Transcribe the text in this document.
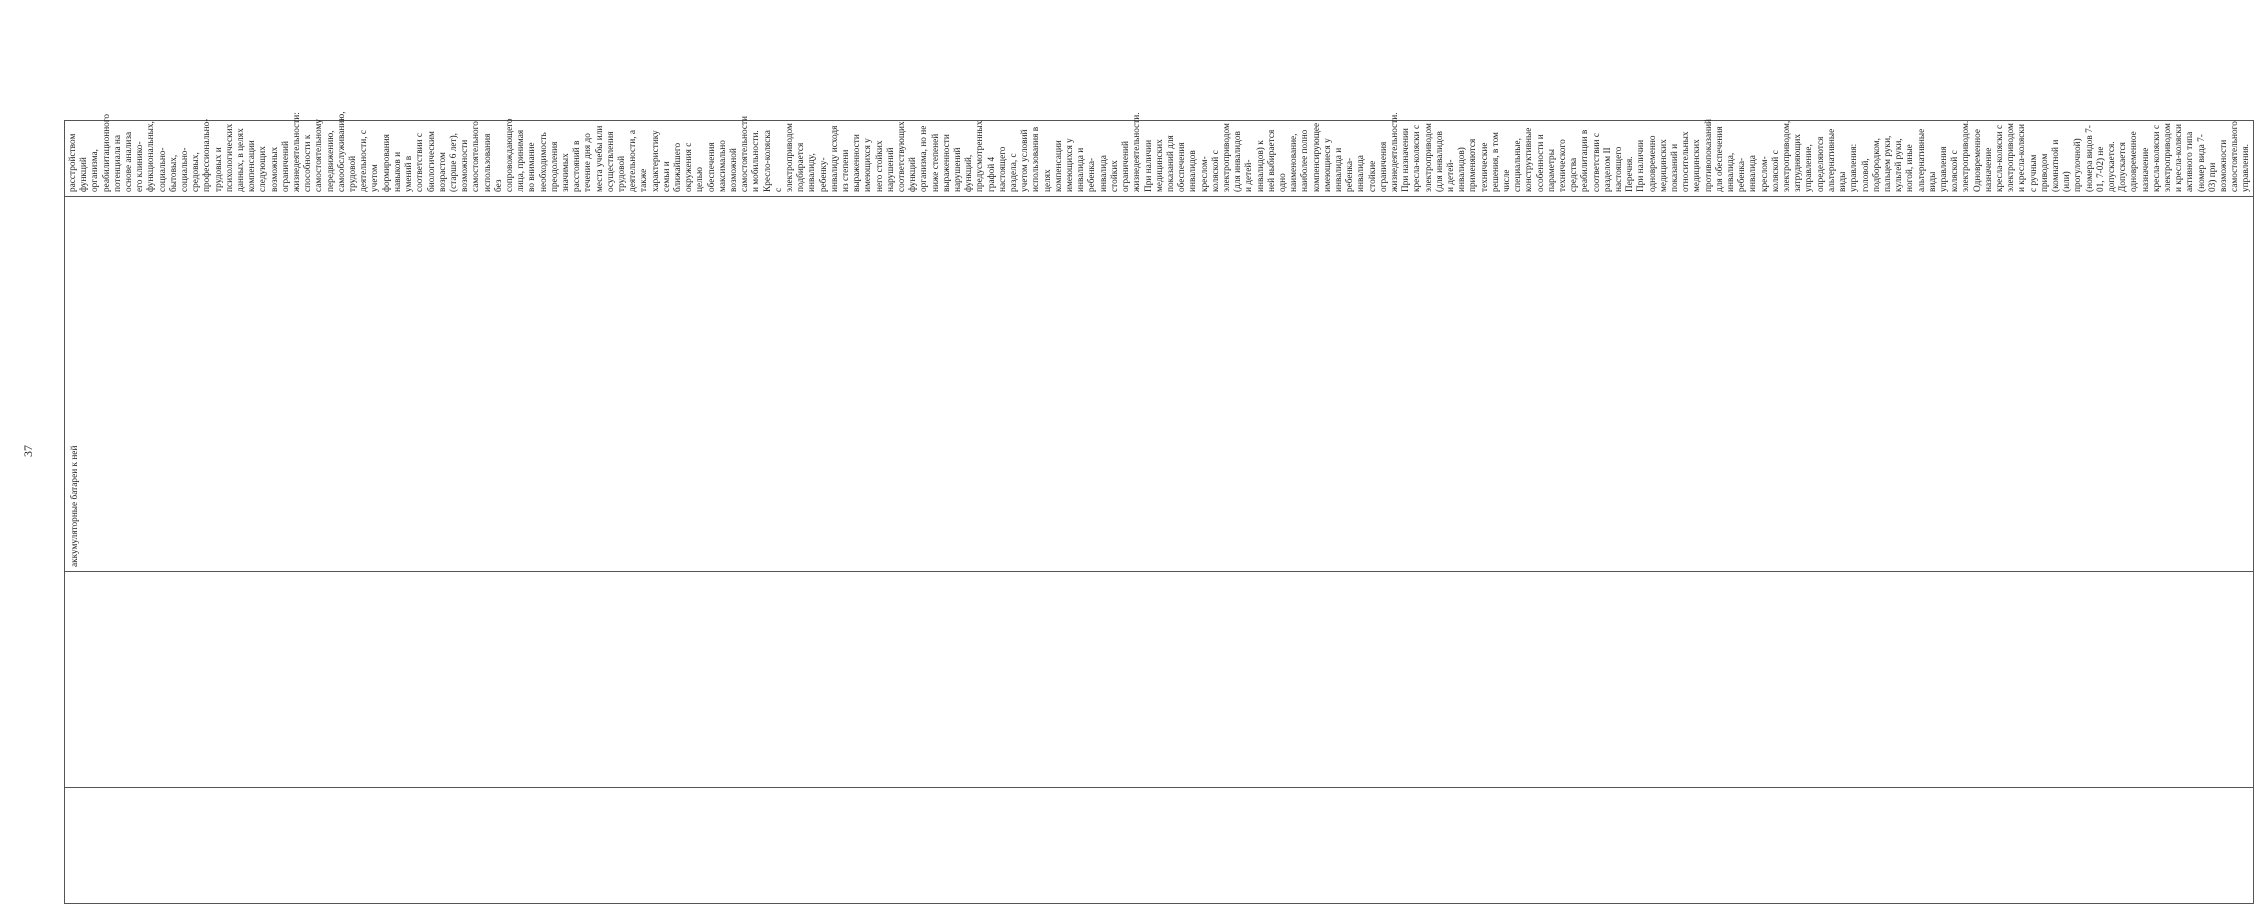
37
			аккумуляторные батареи к ней

расстройством функций организма, реабилитационного потенциала на основе анализа его клинико-функциональных, социально-бытовых, социально-средовых, профессионально-трудовых и психологических данных, в целях компенсации следующих возможных ограничений жизнедеятельности: способности к самостоятельному передвижению, самообслуживанию, трудовой деятельности, с учетом формирования навыков и умений в соответствии с биологическим возрастом (старше 6 лет), возможности самостоятельного использования без сопровождающего лица, принимая во внимание необходимость преодоления значимых расстояний в течение дня до места учебы или осуществления трудовой деятельности, а также характеристику семьи и ближайшего окружения с целью обеспечения максимально возможной самостоятельности и мобильности. Кресло-коляска с электроприводом подбирается инвалиду, ребенку-инвалиду исходя из степени выраженности имеющихся у него стойких нарушений соответствующих функций организма, но не ниже степеней выраженности нарушений функций, предусмотренных графой 4 настоящего раздела, с учетом условий использования в целях компенсации имеющихся у инвалида и ребенка-инвалида стойких ограничений жизнедеятельности. При наличии медицинских показаний для обеспечения инвалидов креслом-коляской с электроприводом (для инвалидов и детей-инвалидов) к ней выбирается одно наименование, наиболее полно компенсирующее имеющиеся у инвалида и ребенка-инвалида стойкие ограничения жизнедеятельности. При назначении кресла-коляски с электроприводом (для инвалидов и детей-инвалидов) применяются технические решения, в том числе специальные, конструктивные особенности и параметры технического средства реабилитации в соответствии с разделом II настоящего Перечня. При наличии одновременно медицинских показаний и относительных медицинских противопоказаний для обеспечения инвалида, ребенка-инвалида креслом-коляской с электроприводом, затрудняющих управление, определяются альтернативные виды управления: головой, подбородком, пальцем руки, культей руки, ногой, иные альтернативные виды управления коляской с электроприводом. Одновременное назначение кресла-коляски с электроприводом и кресла-коляски с ручным приводом (комнатной и (или) прогулочной) (номера видов 7-01, 7-02) не допускается. Допускается одновременное назначение кресла-коляски с электроприводом и кресла-коляски активного типа (номер вида 7-03) при возможности самостоятельного управления.
